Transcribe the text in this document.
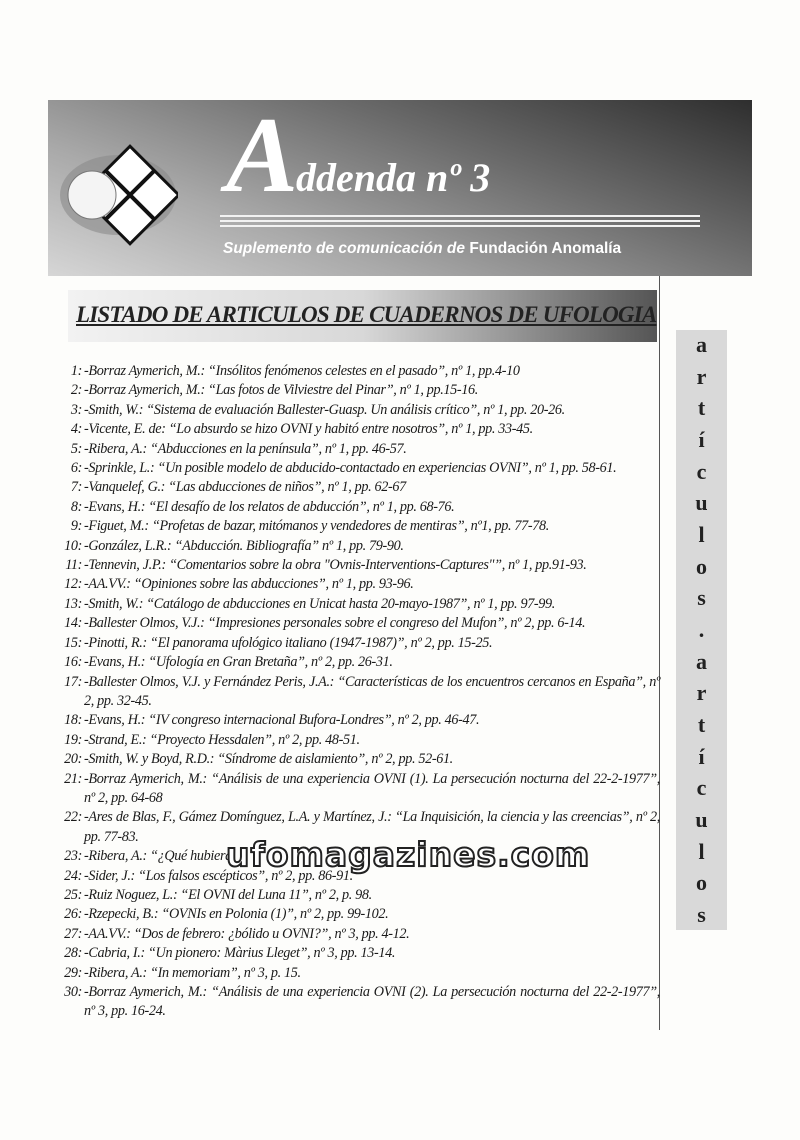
Addenda nº 3
Suplemento de comunicación de Fundación Anomalía
LISTADO DE ARTICULOS DE CUADERNOS DE UFOLOGIA
a
r
t
í
c
u
l
o
s
.
a
r
t
í
c
u
l
o
s
1: -Borraz Aymerich, M.: “Insólitos fenómenos celestes en el pasado”, nº 1, pp.4-10
2: -Borraz Aymerich, M.: “Las fotos de Vilviestre del Pinar”, nº 1, pp.15-16.
3: -Smith, W.: “Sistema de evaluación Ballester-Guasp. Un análisis crítico”, nº 1, pp. 20-26.
4: -Vicente, E. de: “Lo absurdo se hizo OVNI y habitó entre nosotros”, nº 1, pp. 33-45.
5: -Ribera, A.: “Abducciones en la península”, nº 1, pp. 46-57.
6: -Sprinkle, L.: “Un posible modelo de abducido-contactado en experiencias OVNI”, nº 1, pp. 58-61.
7: -Vanquelef, G.: “Las abducciones de niños”, nº 1, pp. 62-67
8: -Evans, H.: “El desafío de los relatos de abducción”, nº 1, pp. 68-76.
9: -Figuet, M.: “Profetas de bazar, mitómanos y vendedores de mentiras”, nº1, pp. 77-78.
10: -González, L.R.: “Abducción. Bibliografía” nº 1, pp. 79-90.
11: -Tennevin, J.P.: “Comentarios sobre la obra "Ovnis-Interventions-Captures"”, nº 1, pp.91-93.
12: -AA.VV.: “Opiniones sobre las abducciones”, nº 1, pp. 93-96.
13: -Smith, W.: “Catálogo de abducciones en Unicat hasta 20-mayo-1987”, nº 1, pp. 97-99.
14: -Ballester Olmos, V.J.: “Impresiones personales sobre el congreso del Mufon”, nº 2, pp. 6-14.
15: -Pinotti, R.: “El panorama ufológico italiano (1947-1987)”, nº 2, pp. 15-25.
16: -Evans, H.: “Ufología en Gran Bretaña”, nº 2, pp. 26-31.
17: -Ballester Olmos, V.J. y Fernández Peris, J.A.: “Características de los encuentros cercanos en España”, nº 2, pp. 32-45.
18: -Evans, H.: “IV congreso internacional Bufora-Londres”, nº 2, pp. 46-47.
19: -Strand, E.: “Proyecto Hessdalen”, nº 2, pp. 48-51.
20: -Smith, W. y Boyd, R.D.: “Síndrome de aislamiento”, nº 2, pp. 52-61.
21: -Borraz Aymerich, M.: “Análisis de una experiencia OVNI (1). La persecución nocturna del 22-2-1977”, nº 2, pp. 64-68
22: -Ares de Blas, F., Gámez Domínguez, L.A. y Martínez, J.: “La Inquisición, la ciencia y las creencias”, nº 2, pp. 77-83.
23: -Ribera, A.: “¿Qué hubiera
24: -Sider, J.: “Los falsos escépticos”, nº 2, pp. 86-91.
25: -Ruiz Noguez, L.: “El OVNI del Luna 11”, nº 2, p. 98.
26: -Rzepecki, B.: “OVNIs en Polonia (1)”, nº 2, pp. 99-102.
27: -AA.VV.: “Dos de febrero: ¿bólido u OVNI?”, nº 3, pp. 4-12.
28: -Cabria, I.: “Un pionero: Màrius Lleget”, nº 3, pp. 13-14.
29: -Ribera, A.: “In memoriam”, nº 3, p. 15.
30: -Borraz Aymerich, M.: “Análisis de una experiencia OVNI (2). La persecución nocturna del 22-2-1977”, nº 3, pp. 16-24.
ufomagazines.com
